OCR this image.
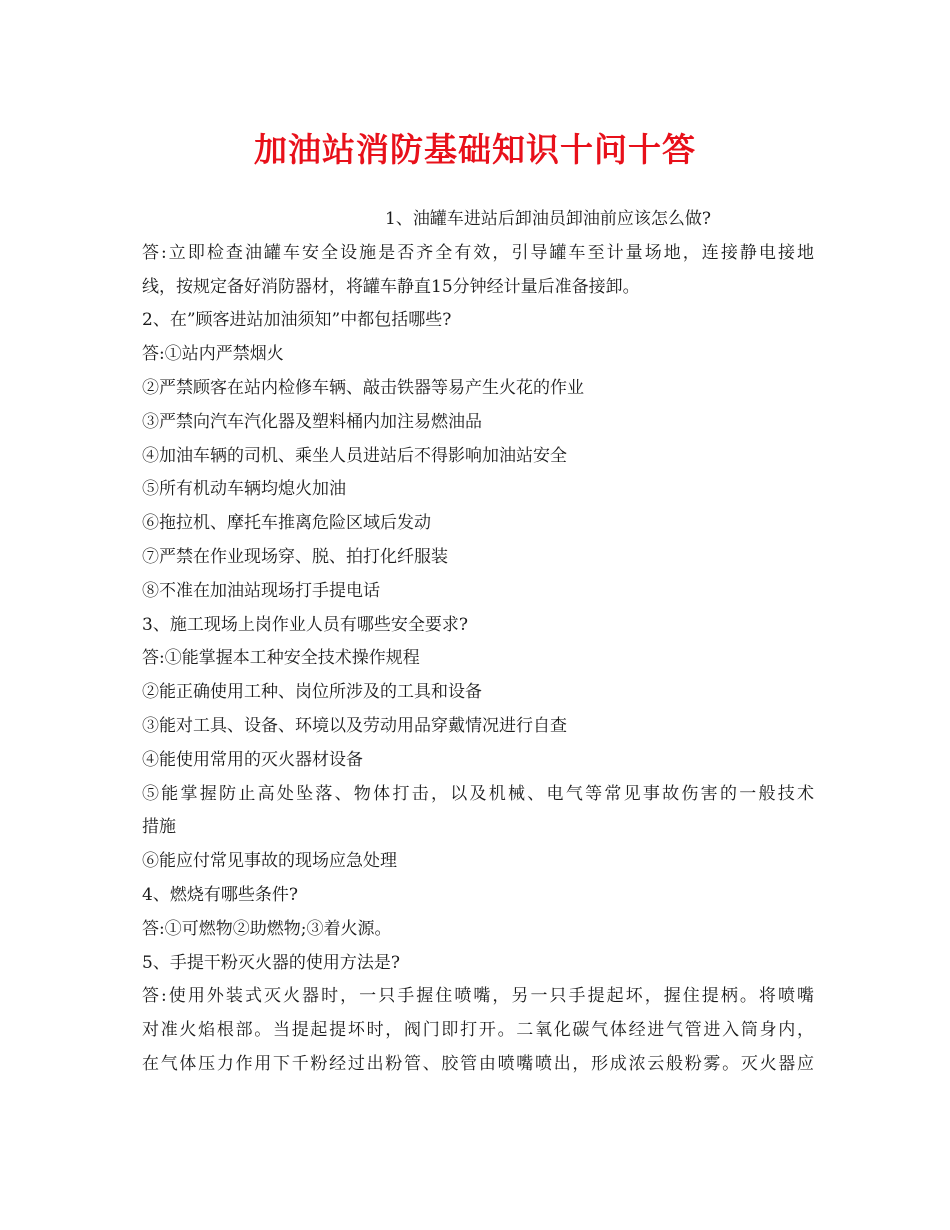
加油站消防基础知识十问十答

1、油罐车进站后卸油员卸油前应该怎么做?

答:立即检查油罐车安全设施是否齐全有效，引导罐车至计量场地，连接静电接地

线，按规定备好消防器材，将罐车静直15分钟经计量后准备接卸。

2、在”顾客进站加油须知”中都包括哪些?

答:①站内严禁烟火

②严禁顾客在站内检修车辆、敲击铁器等易产生火花的作业

③严禁向汽车汽化器及塑料桶内加注易燃油品

④加油车辆的司机、乘坐人员进站后不得影响加油站安全

⑤所有机动车辆均熄火加油

⑥拖拉机、摩托车推离危险区域后发动

⑦严禁在作业现场穿、脱、拍打化纤服装

⑧不准在加油站现场打手提电话

3、施工现场上岗作业人员有哪些安全要求?

答:①能掌握本工种安全技术操作规程

②能正确使用工种、岗位所涉及的工具和设备

③能对工具、设备、环境以及劳动用品穿戴情况进行自查

④能使用常用的灭火器材设备

⑤能掌握防止高处坠落、物体打击，以及机械、电气等常见事故伤害的一般技术

措施

⑥能应付常见事故的现场应急处理

4、燃烧有哪些条件?

答:①可燃物②助燃物;③着火源。

5、手提干粉灭火器的使用方法是?

答:使用外装式灭火器时，一只手握住喷嘴，另一只手提起坏，握住提柄。将喷嘴

对准火焰根部。当提起提坏时，阀门即打开。二氧化碳气体经进气管进入筒身内，

在气体压力作用下千粉经过出粉管、胶管由喷嘴喷出，形成浓云般粉雾。灭火器应
